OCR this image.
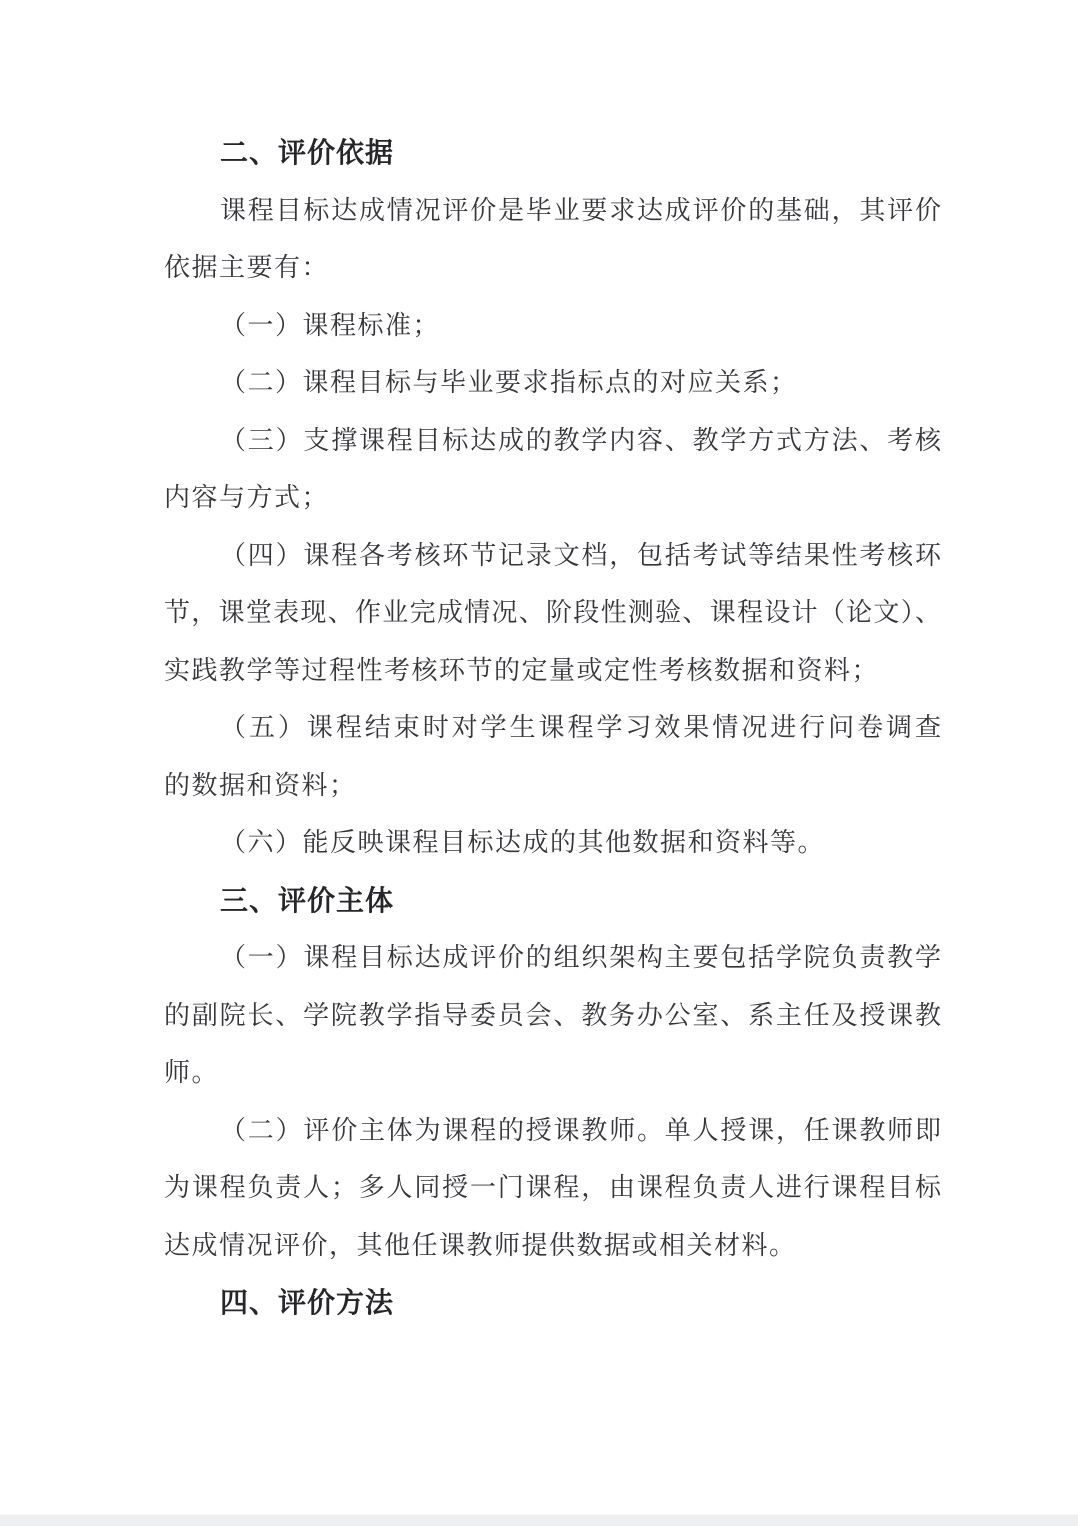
二、评价依据
课程目标达成情况评价是毕业要求达成评价的基础，其评价
依据主要有：
（一）课程标准；
（二）课程目标与毕业要求指标点的对应关系；
（三）支撑课程目标达成的教学内容、教学方式方法、考核
内容与方式；
（四）课程各考核环节记录文档，包括考试等结果性考核环
节，课堂表现、作业完成情况、阶段性测验、课程设计（论文）、
实践教学等过程性考核环节的定量或定性考核数据和资料；
（五）课程结束时对学生课程学习效果情况进行问卷调查
的数据和资料；
（六）能反映课程目标达成的其他数据和资料等。
三、评价主体
（一）课程目标达成评价的组织架构主要包括学院负责教学
的副院长、学院教学指导委员会、教务办公室、系主任及授课教
师。
（二）评价主体为课程的授课教师。单人授课，任课教师即
为课程负责人；多人同授一门课程，由课程负责人进行课程目标
达成情况评价，其他任课教师提供数据或相关材料。
四、评价方法
